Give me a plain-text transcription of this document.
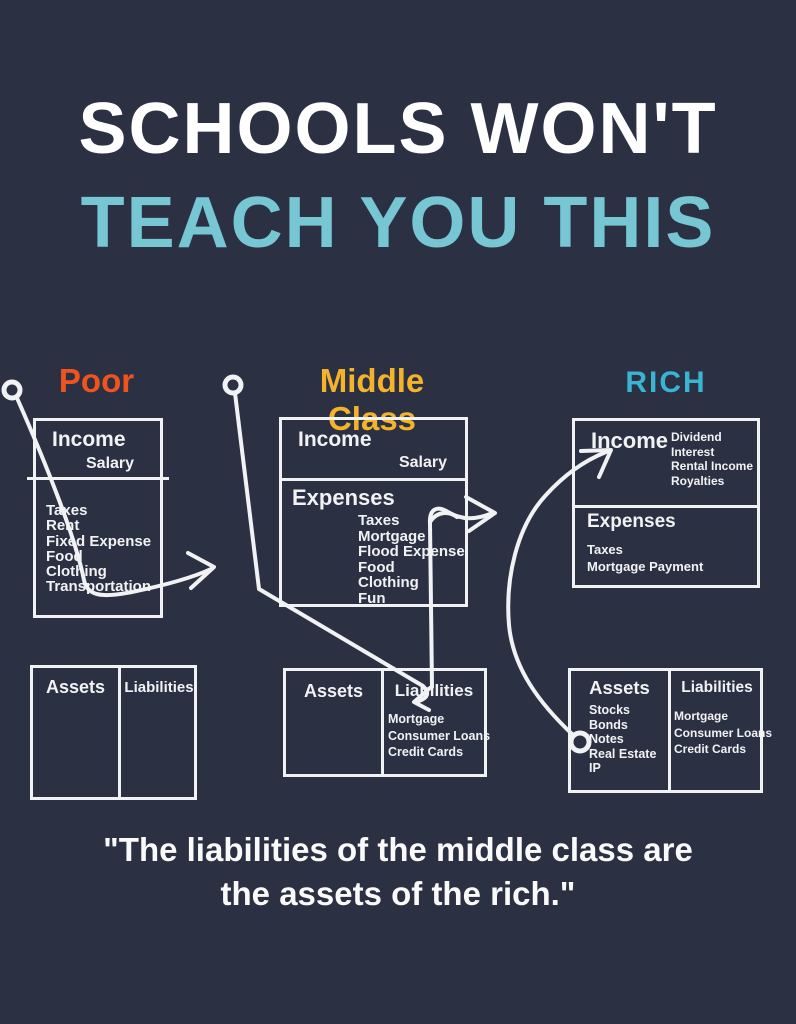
SCHOOLS WON'T
TEACH YOU THIS
Poor	Middle Class
RICH
Income
Salary
Taxes
Rent
Fixed Expense
Food
Clothing
Transportation
Assets	Liabilities
Income
Salary
Expenses
Taxes
Mortgage
Flood Expense
Food
Clothing
Fun
Assets	Liabilities
Mortgage
Consumer Loans
Credit Cards
Income Dividend
Interest
Rental Income
Royalties
Expenses
Taxes
Mortgage Payment
Assets
Stocks
Bonds
Notes
Real Estate
IP
Liabilities
Mortgage
Consumer Loans
Credit Cards
"The liabilities of the middle class are
the assets of the rich."
